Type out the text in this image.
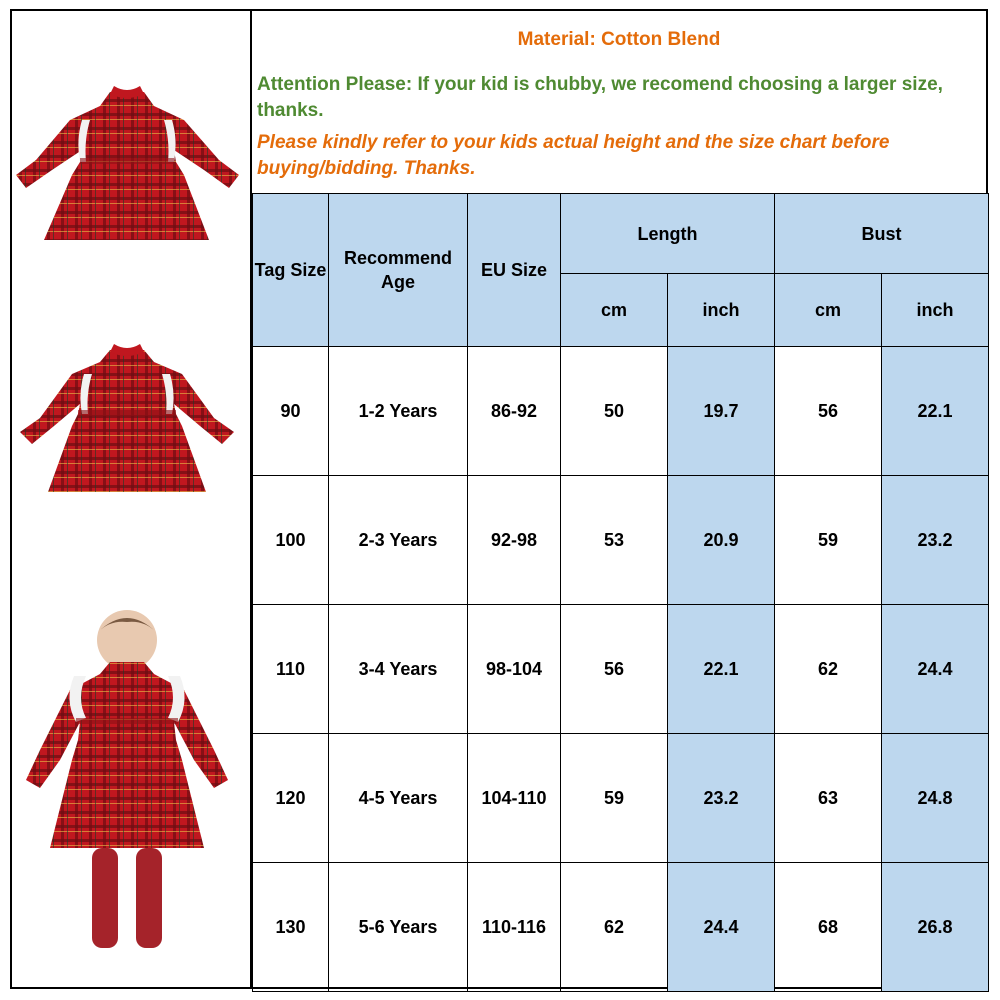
Material: Cotton Blend
Attention Please: If your kid is chubby, we recomend choosing a larger size, thanks.
Please kindly refer to your kids actual height and the size chart before buying/bidding. Thanks.
Tag Size	Recommend Age	EU Size	Length		Bust	
			cm	inch	cm	inch
90	1-2 Years	86-92	50	19.7	56	22.1
100	2-3 Years	92-98	53	20.9	59	23.2
110	3-4 Years	98-104	56	22.1	62	24.4
120	4-5 Years	104-110	59	23.2	63	24.8
130	5-6 Years	110-116	62	24.4	68	26.8
